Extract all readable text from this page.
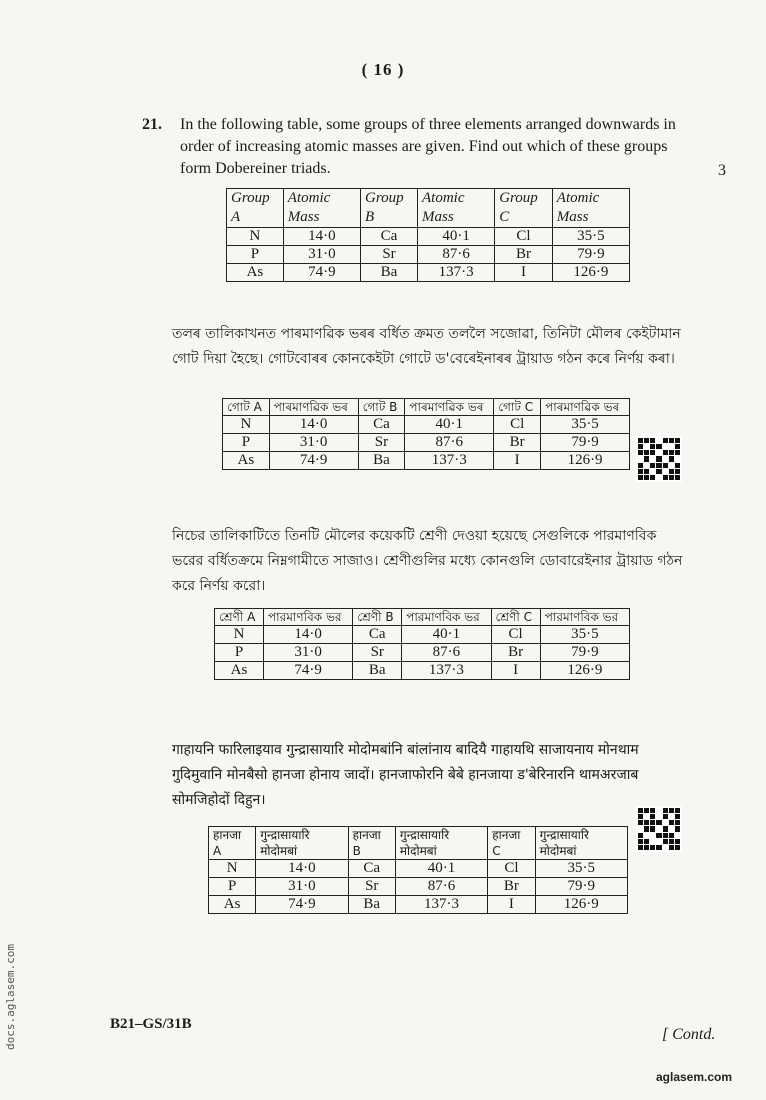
( 16 )
21. In the following table, some groups of three elements arranged downwards in order of increasing atomic masses are given. Find out which of these groups form Dobereiner triads.	3
Group A	Atomic Mass	Group B	Atomic Mass	Group C	Atomic Mass
N	14·0	Ca	40·1	Cl	35·5
P	31·0	Sr	87·6	Br	79·9
As	74·9	Ba	137·3	I	126·9
তলৰ তালিকাখনত পাৰমাণৱিক ভৰৰ বৰ্ধিত ক্ৰমত তললৈ সজোৱা, তিনিটা মৌলৰ কেইটামান গোট দিয়া হৈছে। গোটবোৰৰ কোনকেইটা গোটে ড'বেৰেইনাৰৰ ট্ৰায়াড গঠন কৰে নিৰ্ণয় কৰা।
গোট A	পাৰমাণৱিক ভৰ	গোট B	পাৰমাণৱিক ভৰ	গোট C	পাৰমাণৱিক ভৰ
N	14·0	Ca	40·1	Cl	35·5
P	31·0	Sr	87·6	Br	79·9
As	74·9	Ba	137·3	I	126·9
নিচের তালিকাটিতে তিনটি মৌলের কয়েকটি শ্রেণী দেওয়া হয়েছে সেগুলিকে পারমাণবিক ভরের বর্ধিতক্রমে নিম্নগামীতে সাজাও। শ্রেণীগুলির মধ্যে কোনগুলি ডোবারেইনার ট্রায়াড গঠন করে নির্ণয় করো।
শ্রেণী A	পারমাণবিক ভর	শ্রেণী B	পারমাণবিক ভর	শ্রেণী C	পারমাণবিক ভর
N	14·0	Ca	40·1	Cl	35·5
P	31·0	Sr	87·6	Br	79·9
As	74·9	Ba	137·3	I	126·9
गाहायनि फारिलाइयाव गुन्द्रासायारि मोदोमबांनि बांलांनाय बादियै गाहायथि साजायनाय मोनथाम गुदिमुवानि मोनबैसो हानजा होनाय जादों। हानजाफोरनि बेबे हानजाया ड'बेरिनारनि थामअरजाब सोमजिहोदों दिहुन।
हानजा A	गुन्द्रासायारि मोदोमबां	हानजा B	गुन्द्रासायारि मोदोमबां	हानजा C	गुन्द्रासायारि मोदोमबां
N	14·0	Ca	40·1	Cl	35·5
P	31·0	Sr	87·6	Br	79·9
As	74·9	Ba	137·3	I	126·9
docs.aglasem.com	B21–GS/31B
[ Contd.
aglasem.com
